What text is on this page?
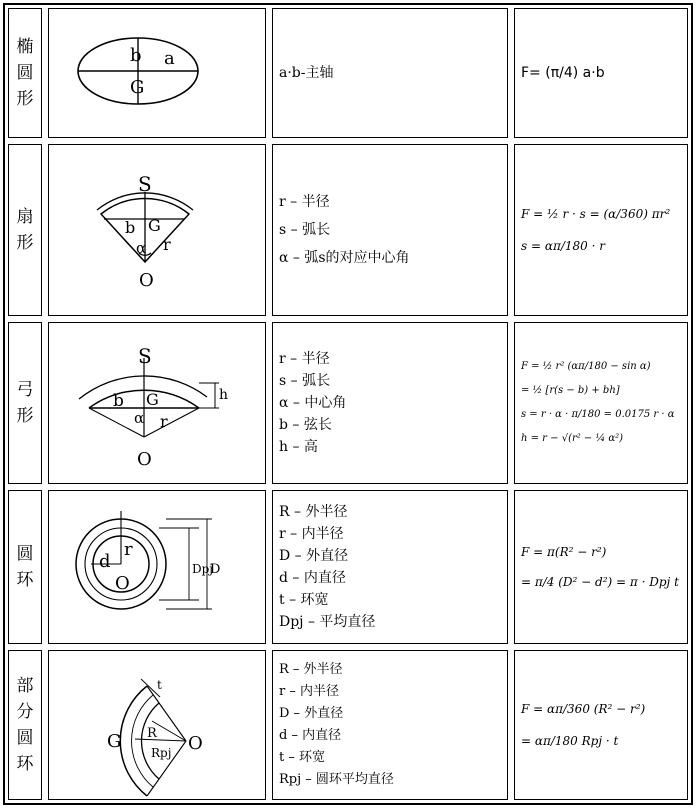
椭
圆
形
b a
G
a·b-主轴	F= (π/4) a·b
扇
形
S
b G
r
α
O
r – 半径
s – 弧长
α – 弧s的对应中心角
F = ½ r · s = (α/360) πr²
s = απ/180 · r
弓
形
S
b G
r
α
O
h
r – 半径
s – 弧长
α – 中心角
b – 弦长
h – 高
F = ½ r² (απ/180 − sin α)
= ½ [r(s − b) + bh]
s = r · α · π/180 = 0.0175 r · α
h = r − √(r² − ¼ α²)
圆
环
d
r
O
Dpj
D
R – 外半径
r – 内半径
D – 外直径
d – 内直径
t – 环宽
Dpj – 平均直径
F = π(R² − r²)
= π/4 (D² − d²) = π · Dpj t
部
分
圆
环
G R
Rpj O
t
R – 外半径
r – 内半径
D – 外直径
d – 内直径
t – 环宽
Rpj – 圆环平均直径
F = απ/360 (R² − r²)
= απ/180 Rpj · t
